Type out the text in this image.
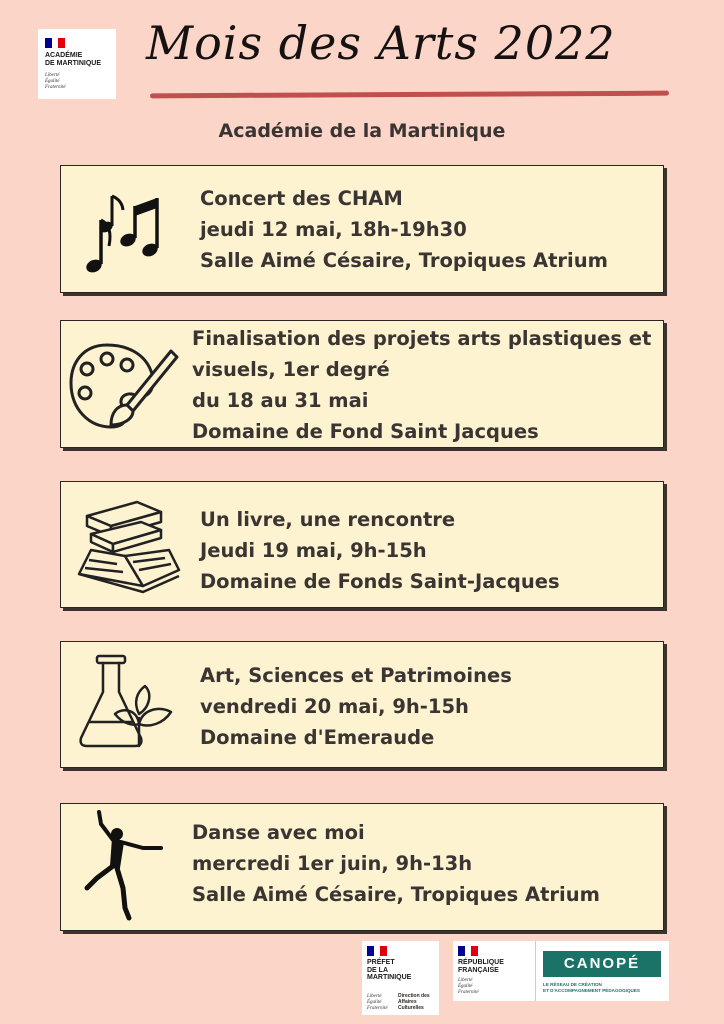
ACADÉMIE
DE MARTINIQUE
Liberté
Égalité
Fraternité
Mois des Arts 2022
Académie de la Martinique
Concert des CHAM
jeudi 12 mai, 18h-19h30
Salle Aimé Césaire, Tropiques Atrium
Finalisation des projets arts plastiques et
visuels, 1er degré
du 18 au 31 mai
Domaine de Fond Saint Jacques
Un livre, une rencontre
Jeudi 19 mai, 9h-15h
Domaine de Fonds Saint-Jacques
Art, Sciences et Patrimoines
vendredi 20 mai, 9h-15h
Domaine d'Emeraude
Danse avec moi
mercredi 1er juin, 9h-13h
Salle Aimé Césaire, Tropiques Atrium
PRÉFET
DE LA
MARTINIQUE
Liberté
Égalité
Fraternité
Direction des
Affaires
Culturelles
RÉPUBLIQUE
FRANÇAISE
Liberté
Égalité
Fraternité
CANOPÉ
LE RÉSEAU DE CRÉATION
ET D'ACCOMPAGNEMENT PÉDAGOGIQUES
